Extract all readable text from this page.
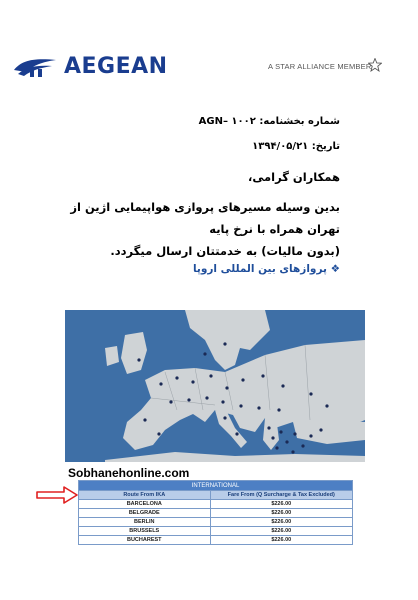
AEGEAN	A STAR ALLIANCE MEMBER
شماره بخشنامه: AGN– ۱۰۰۲
تاریخ: ۱۳۹۴/۰۵/۲۱
همکاران گرامی،
بدین وسیله مسیرهای پروازی هواپیمایی اژین از تهران همراه با نرخ پایه
(بدون مالیات) به خدمتتان ارسال میگردد.
❖ پروازهای بین المللی اروپا
Sobhanehonline.com
INTERNATIONAL	
Route From IKA	Fare From (Q Surcharge & Tax Excluded)
BARCELONA	$226.00
BELGRADE	$226.00
BERLIN	$226.00
BRUSSELS	$226.00
BUCHAREST	$226.00
